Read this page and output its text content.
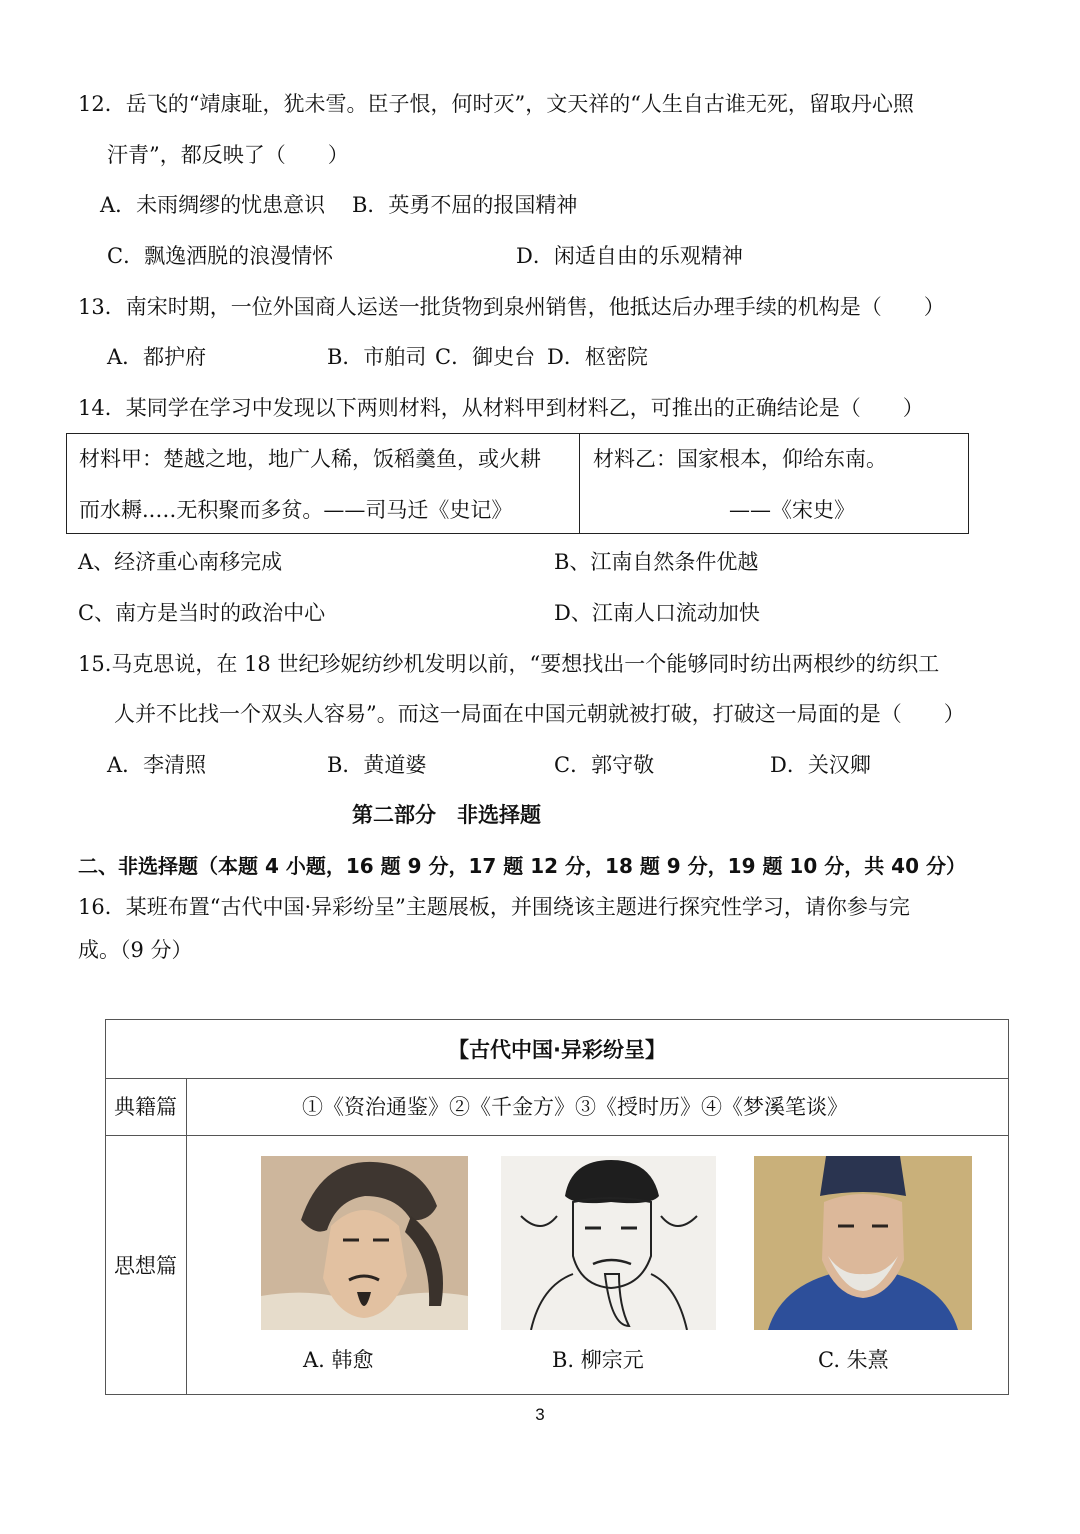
12．岳飞的“靖康耻，犹未雪。臣子恨，何时灭”，文天祥的“人生自古谁无死，留取丹心照
汗青”，都反映了（　　）
A．未雨绸缪的忧患意识 B．英勇不屈的报国精神
C．飘逸洒脱的浪漫情怀	D．闲适自由的乐观精神
13．南宋时期，一位外国商人运送一批货物到泉州销售，他抵达后办理手续的机构是（　　）
A．都护府	B．市舶司 C．御史台 D．枢密院
14．某同学在学习中发现以下两则材料，从材料甲到材料乙，可推出的正确结论是（　　）
材料甲：楚越之地，地广人稀，饭稻羹鱼，或火耕
而水耨..…无积聚而多贫。——司马迁《史记》
材料乙：国家根本，仰给东南。
——《宋史》
A、经济重心南移完成	B、江南自然条件优越
C、南方是当时的政治中心	D、江南人口流动加快
15.马克思说，在 18 世纪珍妮纺纱机发明以前，“要想找出一个能够同时纺出两根纱的纺织工
人并不比找一个双头人容易”。而这一局面在中国元朝就被打破，打破这一局面的是（　　）
A．李清照	B．黄道婆	C．郭守敬	D．关汉卿
第二部分　非选择题
二、非选择题（本题 4 小题，16 题 9 分，17 题 12 分，18 题 9 分，19 题 10 分，共 40 分）
16．某班布置“古代中国·异彩纷呈”主题展板，并围绕该主题进行探究性学习，请你参与完
成。（9 分）
【古代中国·异彩纷呈】
典籍篇	①《资治通鉴》②《千金方》③《授时历》④《梦溪笔谈》
思想篇
A. 韩愈	B. 柳宗元	C. 朱熹
3
